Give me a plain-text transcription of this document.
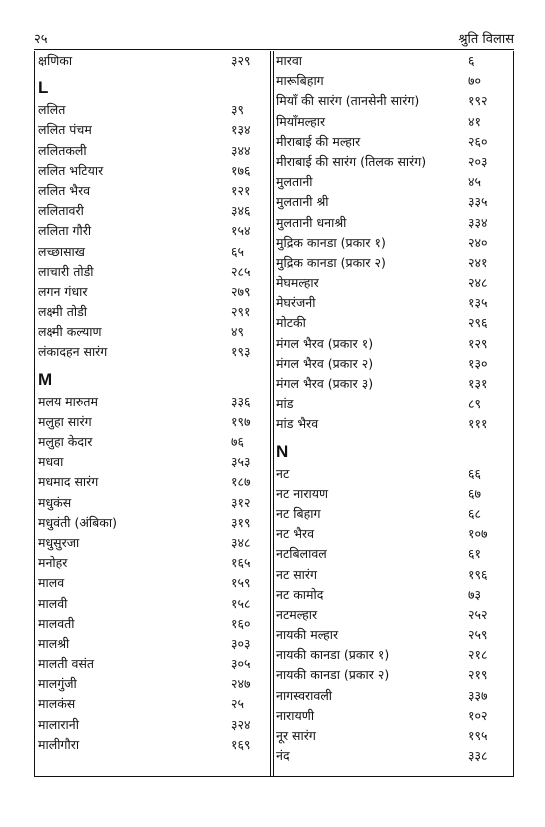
२५	श्रुति विलास
क्षणिका	३२९
L
ललित	३९
ललित पंचम	१३४
ललितकली	३४४
ललित भटियार	१७६
ललित भैरव	१२१
ललितावरी	३४६
ललिता गौरी	१५४
लच्छासाख	६५
लाचारी तोडी	२८५
लगन गंधार	२७९
लक्ष्मी तोडी	२९१
लक्ष्मी कल्याण	४९
लंकादहन सारंग	१९३
M
मलय मारुतम	३३६
मलुहा सारंग	१९७
मलुहा केदार	७६
मधवा	३५३
मधमाद सारंग	१८७
मधुकंस	३१२
मधुवंती (अंबिका)	३१९
मधुसुरजा	३४८
मनोहर	१६५
मालव	१५९
मालवी	१५८
मालवती	१६०
मालश्री	३०३
मालती वसंत	३०५
मालगुंजी	२४७
मालकंस	२५
मालारानी	३२४
मालीगौरा	१६९
मारवा	६
मारूबिहाग	७०
मियाँ की सारंग (तानसेनी सारंग)	१९२
मियाँमल्हार	४१
मीराबाई की मल्हार	२६०
मीराबाई की सारंग (तिलक सारंग)	२०३
मुलतानी	४५
मुलतानी श्री	३३५
मुलतानी धनाश्री	३३४
मुद्रिक कानडा (प्रकार १)	२४०
मुद्रिक कानडा (प्रकार २)	२४१
मेघमल्हार	२४८
मेघरंजनी	१३५
मोटकी	२९६
मंगल भैरव (प्रकार १)	१२९
मंगल भैरव (प्रकार २)	१३०
मंगल भैरव (प्रकार ३)	१३१
मांड	८९
मांड भैरव	१११
N
नट	६६
नट नारायण	६७
नट बिहाग	६८
नट भैरव	१०७
नटबिलावल	६१
नट सारंग	१९६
नट कामोद	७३
नटमल्हार	२५२
नायकी मल्हार	२५९
नायकी कानडा (प्रकार १)	२१८
नायकी कानडा (प्रकार २)	२१९
नागस्वरावली	३३७
नारायणी	१०२
नूर सारंग	१९५
नंद	३३८
